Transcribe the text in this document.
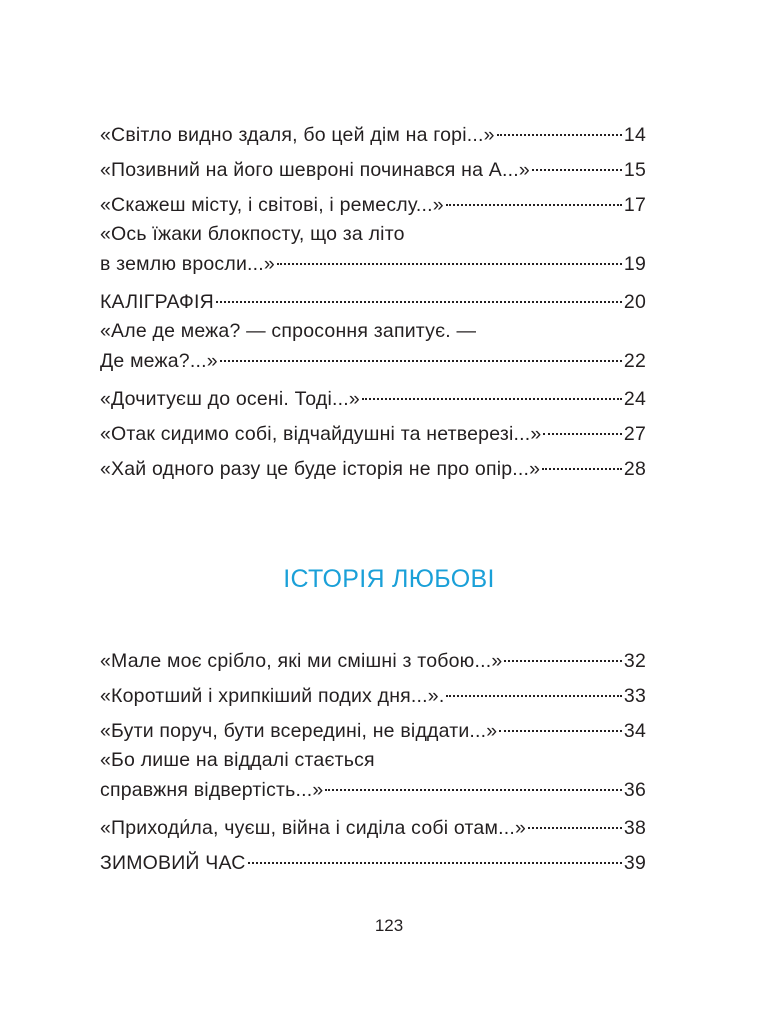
«Світло видно здаля, бо цей дім на горі...»	14
«Позивний на його шевроні починався на А...»	15
«Скажеш місту, і світові, і ремеслу...»	17
«Ось їжаки блокпосту, що за літо
в землю вросли...»	19
КАЛІГРАФІЯ	20
«Але де межа? — спросоння запитує. —
Де межа?...»	22
«Дочитуєш до осені. Тоді...»	24
«Отак сидимо собі, відчайдушні та нетверезі...»	27
«Хай одного разу це буде історія не про опір...»	28
ІСТОРІЯ ЛЮБОВІ
«Мале моє срібло, які ми смішні з тобою...»	32
«Коротший і хрипкіший подих дня...».	33
«Бути поруч, бути всередині, не віддати...»	34
«Бо лише на віддалі стається
справжня відвертість...»	36
«Приходи́ла, чуєш, війна і сиділа собі отам...»	38
ЗИМОВИЙ ЧАС	39
123
